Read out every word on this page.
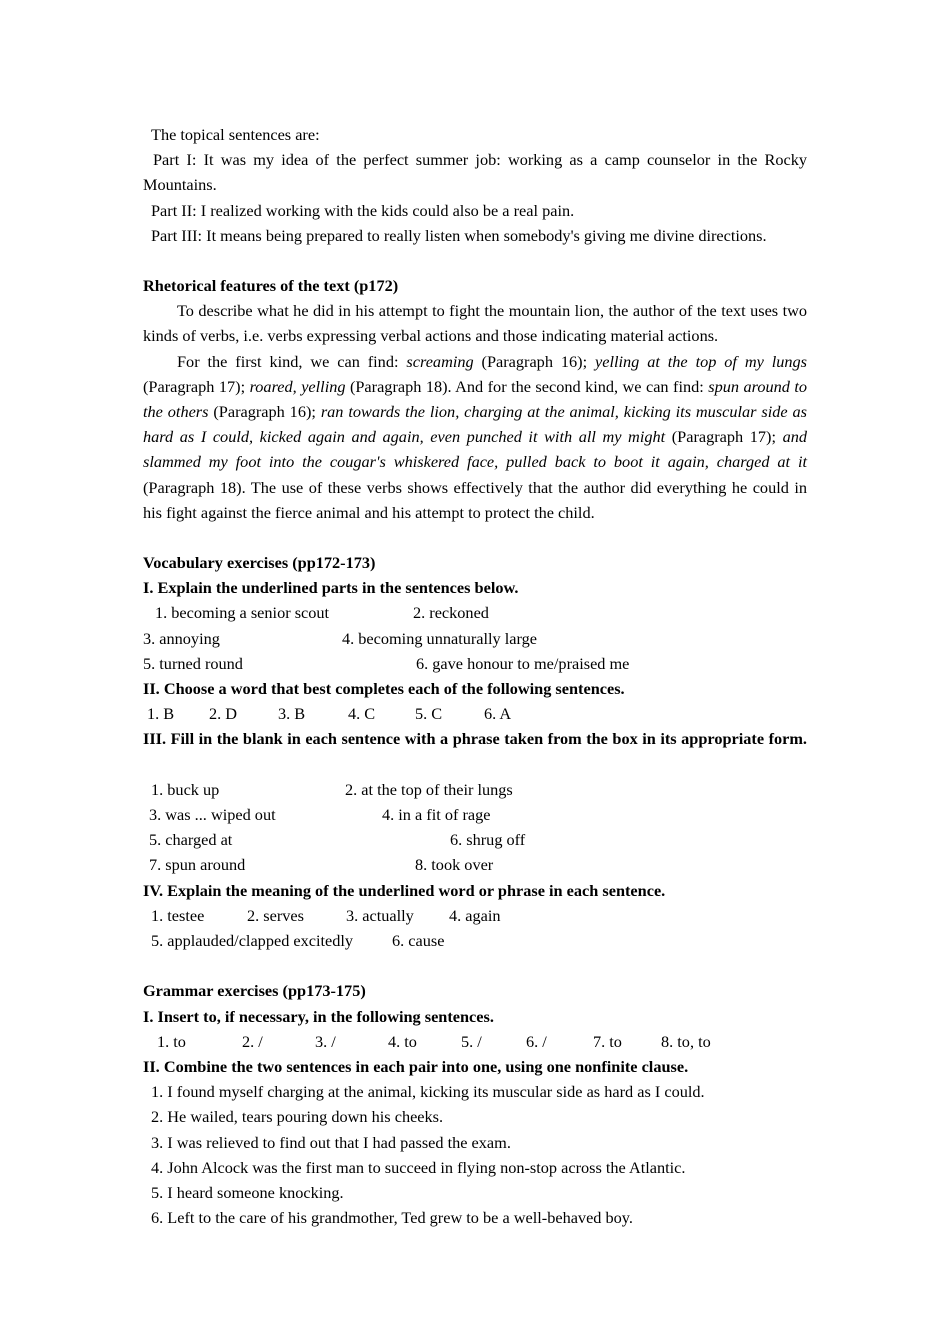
The topical sentences are:

Part I: It was my idea of the perfect summer job: working as a camp counselor in the Rocky Mountains.

Part II: I realized working with the kids could also be a real pain.

Part III: It means being prepared to really listen when somebody's giving me divine directions.

Rhetorical features of the text (p172)

To describe what he did in his attempt to fight the mountain lion, the author of the text uses two kinds of verbs, i.e. verbs expressing verbal actions and those indicating material actions.

For the first kind, we can find: screaming (Paragraph 16); yelling at the top of my lungs (Paragraph 17); roared, yelling (Paragraph 18). And for the second kind, we can find: spun around to the others (Paragraph 16); ran towards the lion, charging at the animal, kicking its muscular side as hard as I could, kicked again and again, even punched it with all my might (Paragraph 17); and slammed my foot into the cougar's whiskered face, pulled back to boot it again, charged at it (Paragraph 18). The use of these verbs shows effectively that the author did everything he could in his fight against the fierce animal and his attempt to protect the child.

Vocabulary exercises (pp172-173)

I. Explain the underlined parts in the sentences below.

1. becoming a senior scout	2. reckoned

3. annoying	4. becoming unnaturally large

5. turned round	6. gave honour to me/praised me

II. Choose a word that best completes each of the following sentences.

1. B 2. D	3. B	4. C 5. C	6. A

III. Fill in the blank in each sentence with a phrase taken from the box in its appropriate form.

1. buck up	2. at the top of their lungs

3. was ... wiped out	4. in a fit of rage

5. charged at	6. shrug off

7. spun around	8. took over

IV. Explain the meaning of the underlined word or phrase in each sentence.

1. testee	2. serves	3. actually 4. again

5. applauded/clapped excitedly 6. cause

Grammar exercises (pp173-175)

I. Insert to, if necessary, in the following sentences.

1. to	2. /	3. /	4. to	5. /	6. /	7. to 8. to, to

II. Combine the two sentences in each pair into one, using one nonfinite clause.

1. I found myself charging at the animal, kicking its muscular side as hard as I could.

2. He wailed, tears pouring down his cheeks.

3. I was relieved to find out that I had passed the exam.

4. John Alcock was the first man to succeed in flying non-stop across the Atlantic.

5. I heard someone knocking.

6. Left to the care of his grandmother, Ted grew to be a well-behaved boy.
